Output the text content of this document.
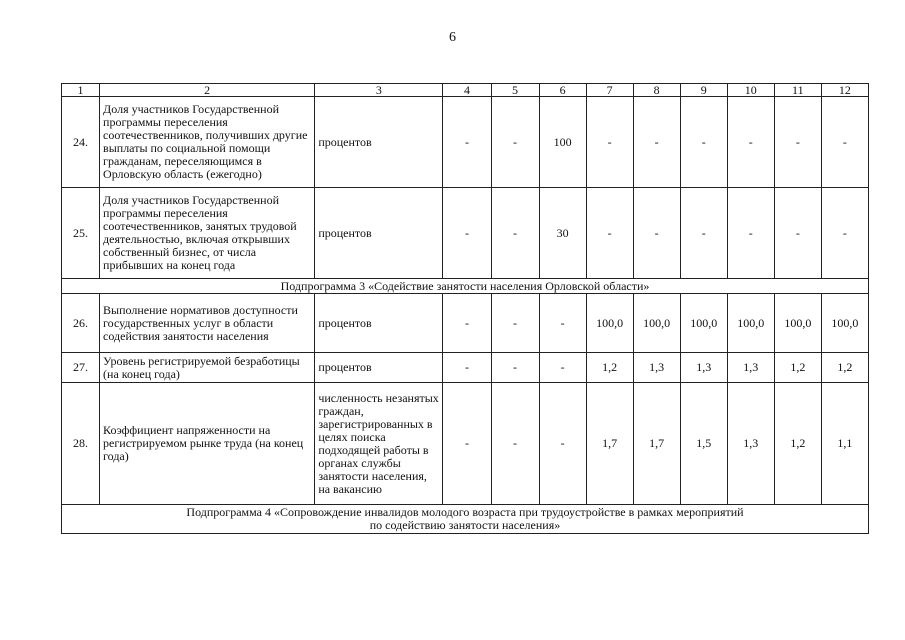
6
1	2	3	4	5	6	7	8	9	10	11	12
24.	Доля участников Государственной программы переселения соотечественников, получивших другие выплаты по социальной помощи гражданам, переселяющимся в Орловскую область (ежегодно)	процентов	-	-	100	-	-	-	-	-	-
25.	Доля участников Государственной программы переселения соотечественников, занятых трудовой деятельностью, включая открывших собственный бизнес, от числа прибывших на конец года	процентов	-	-	30	-	-	-	-	-	-
Подпрограмма 3 «Содействие занятости населения Орловской области»											
26.	Выполнение нормативов доступности государственных услуг в области содействия занятости населения	процентов	-	-	-	100,0	100,0	100,0	100,0	100,0	100,0
27.	Уровень регистрируемой безработицы (на конец года)	процентов	-	-	-	1,2	1,3	1,3	1,3	1,2	1,2
28.	Коэффициент напряженности на регистрируемом рынке труда (на конец года)	численность незанятых граждан, зарегистрированных в целях поиска подходящей работы в органах службы занятости населения, на вакансию	-	-	-	1,7	1,7	1,5	1,3	1,2	1,1

Подпрограмма 4 «Сопровождение инвалидов молодого возраста при трудоустройстве в рамках мероприятий
по содействию занятости населения»											
